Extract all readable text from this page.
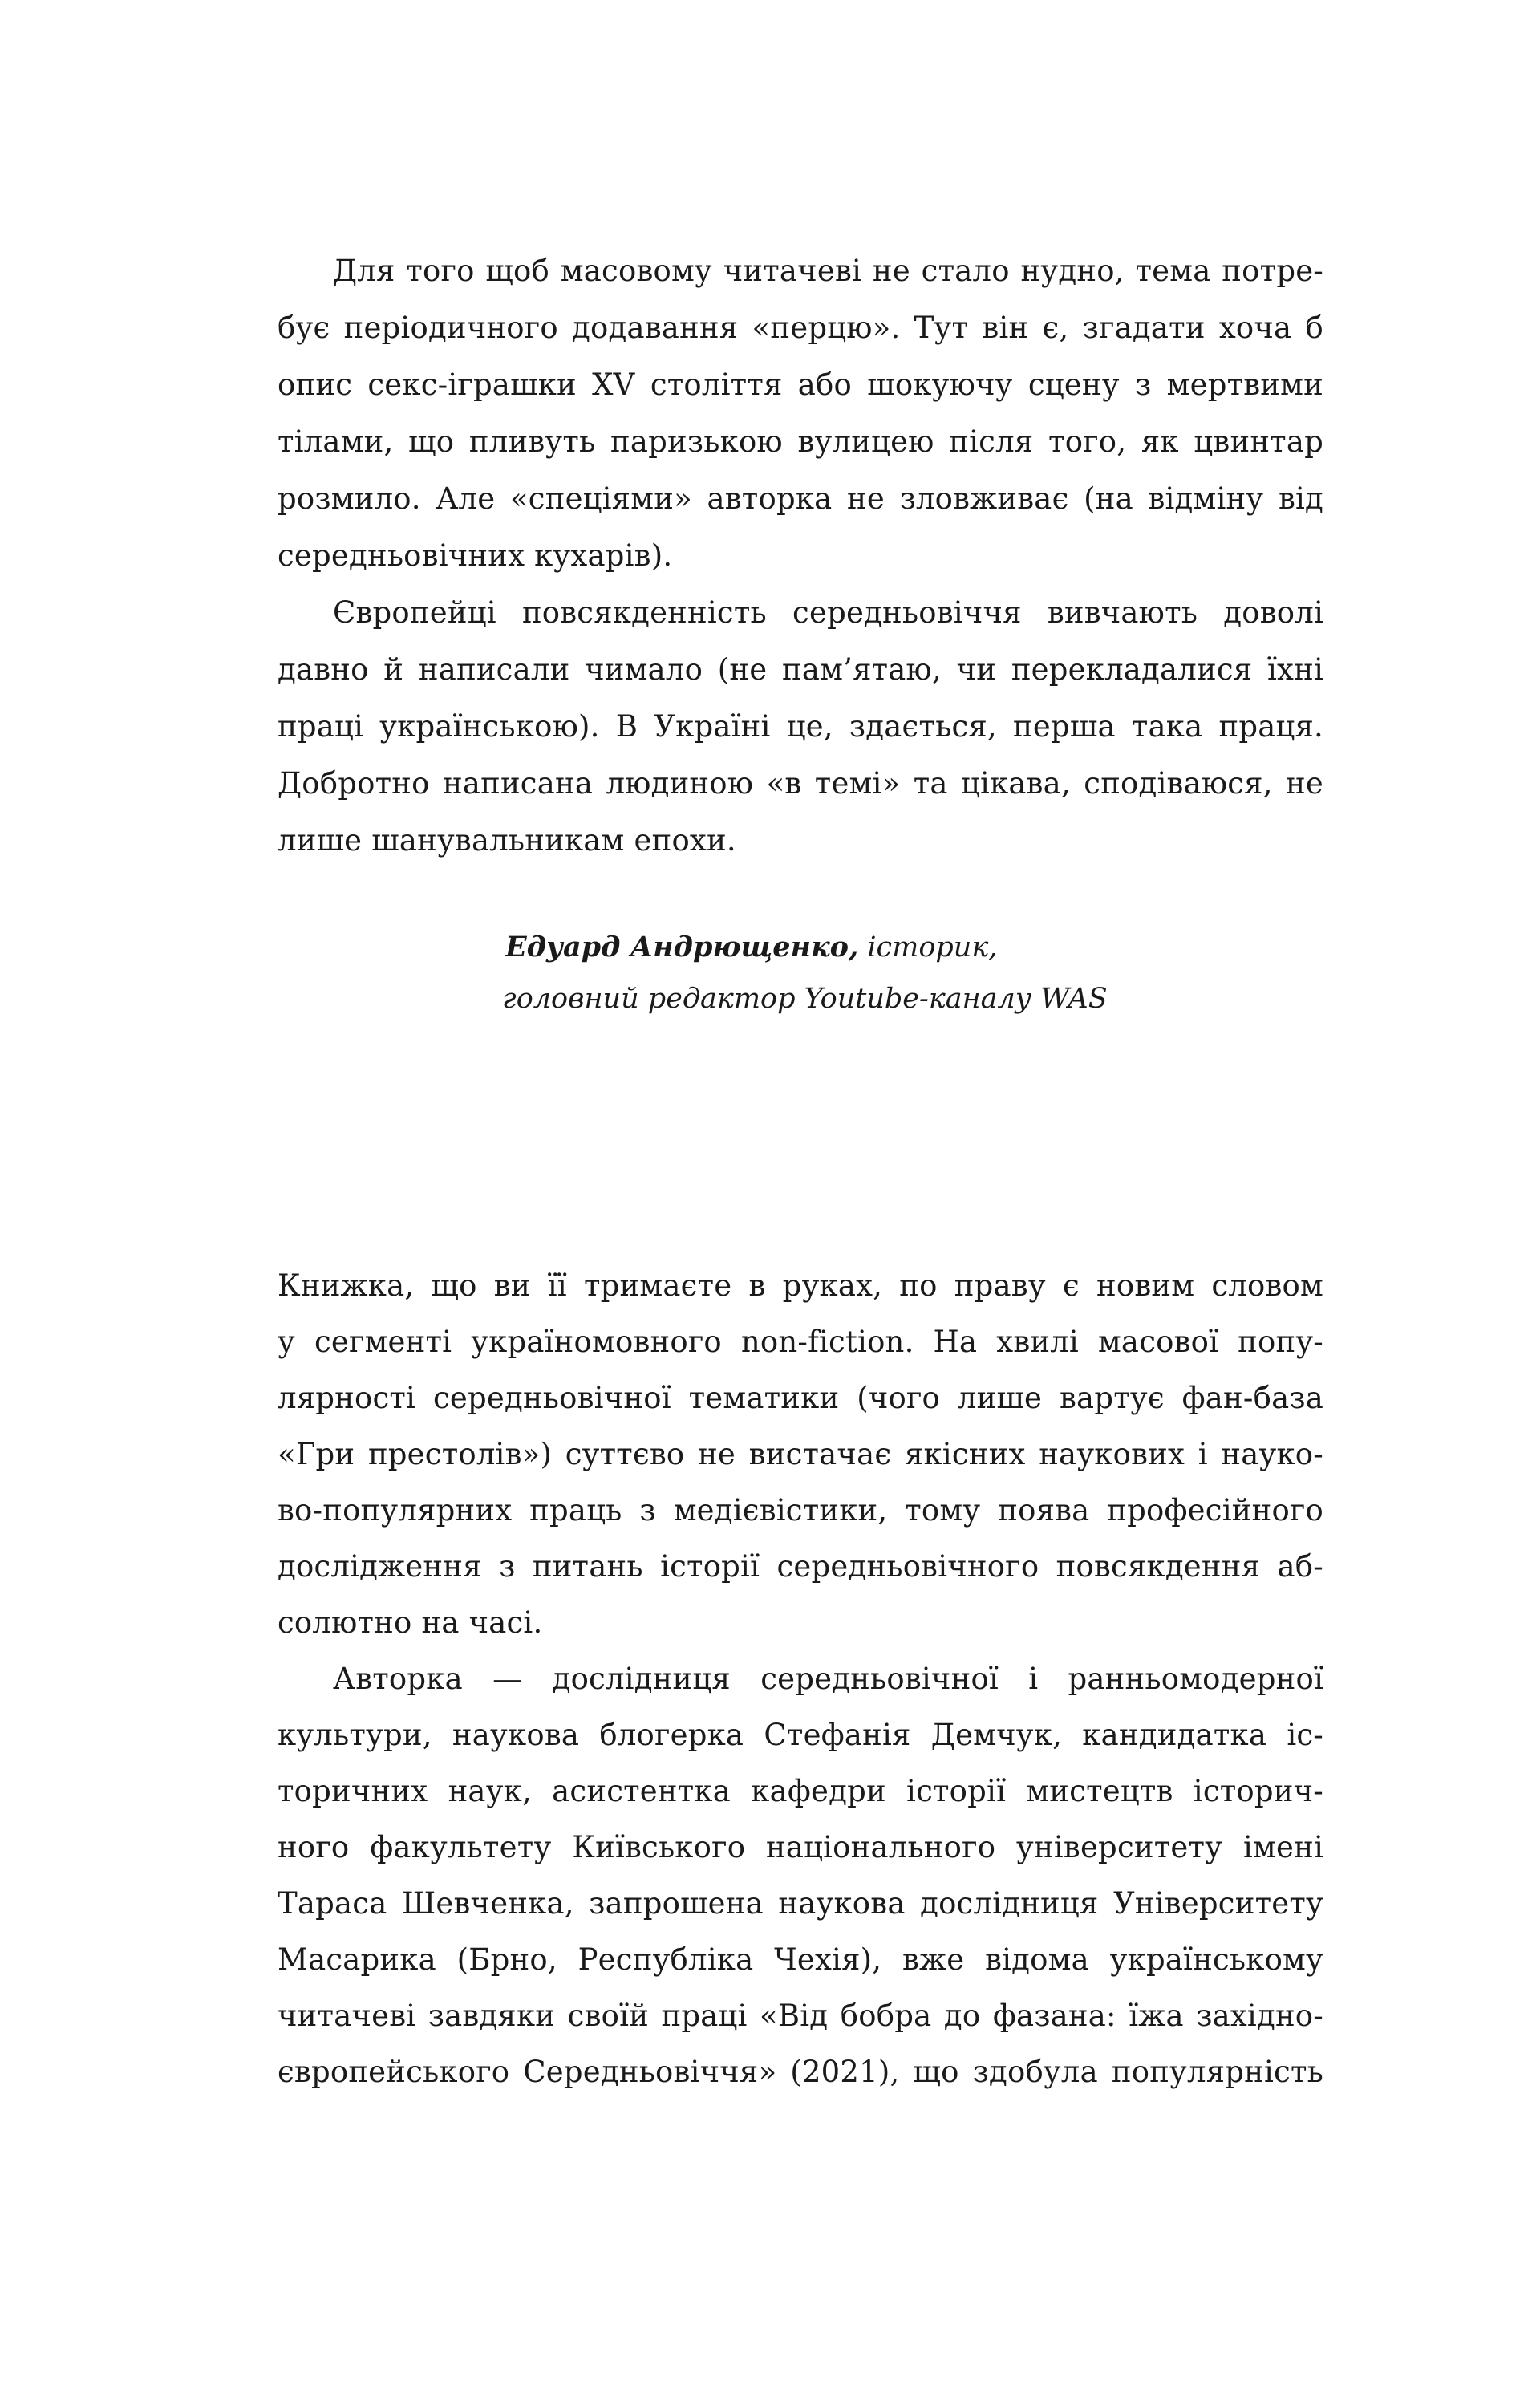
Для того щоб масовому читачеві не стало нудно, тема потре-
бує періодичного додавання «перцю». Тут він є, згадати хоча б
опис секс-іграшки XV століття або шокуючу сцену з мертвими
тілами, що пливуть паризькою вулицею після того, як цвинтар
розмило. Але «спеціями» авторка не зловживає (на відміну від
середньовічних кухарів).
Європейці повсякденність середньовіччя вивчають доволі
давно й написали чимало (не пам’ятаю, чи перекладалися їхні
праці українською). В Україні це, здається, перша така праця.
Добротно написана людиною «в темі» та цікава, сподіваюся, не
лише шанувальникам епохи.
Едуард Андрющенко, історик,
головний редактор Youtube-каналу WAS
Книжка, що ви її тримаєте в руках, по праву є новим словом
у сегменті україномовного non-fiction. На хвилі масової попу-
лярності середньовічної тематики (чого лише вартує фан-база
«Гри престолів») суттєво не вистачає якісних наукових і науко-
во-популярних праць з медієвістики, тому поява професійного
дослідження з питань історії середньовічного повсякдення аб-
солютно на часі.
Авторка — дослідниця середньовічної і ранньомодерної
культури, наукова блогерка Стефанія Демчук, кандидатка іс-
торичних наук, асистентка кафедри історії мистецтв історич-
ного факультету Київського національного університету імені
Тараса Шевченка, запрошена наукова дослідниця Університету
Масарика (Брно, Республіка Чехія), вже відома українському
читачеві завдяки своїй праці «Від бобра до фазана: їжа західно-
європейського Середньовіччя» (2021), що здобула популярність
